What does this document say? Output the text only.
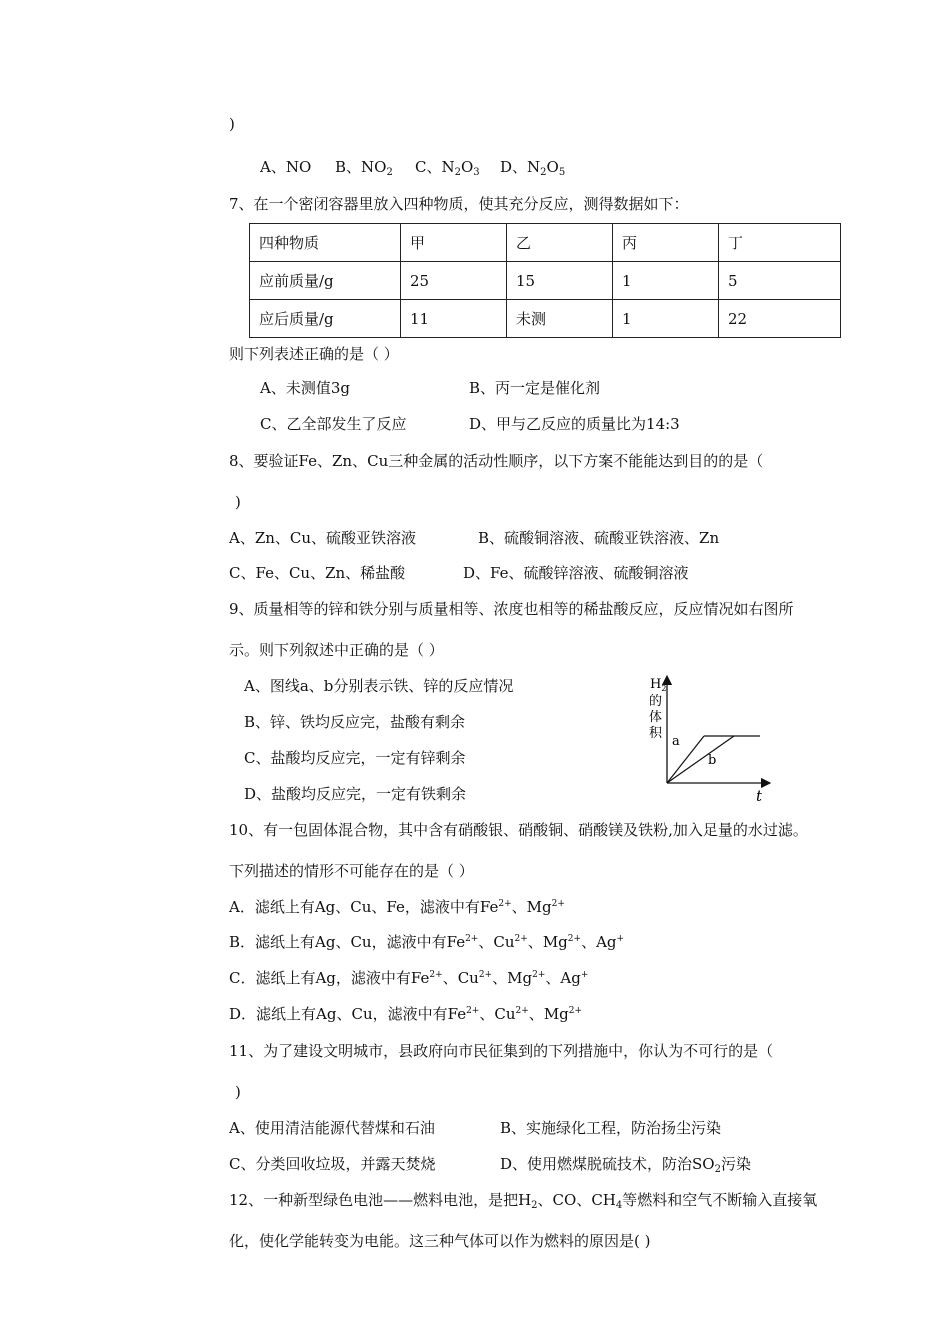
)
A、NO B、$NO_2$ C、$N_2O_3$ D、$N_2O_5$
7、在一个密闭容器里放入四种物质，使其充分反应，测得数据如下：
四种物质	甲	乙	丙	丁
应前质量/g	25	15	1	5
应后质量/g	11	未测	1	22
则下列表述正确的是（ ）
A、未测值3g	B、丙一定是催化剂
C、乙全部发生了反应	D、甲与乙反应的质量比为14:3
8、要验证Fe、Zn、Cu三种金属的活动性顺序，以下方案不能能达到目的的是（
)
A、Zn、Cu、硫酸亚铁溶液	B、硫酸铜溶液、硫酸亚铁溶液、Zn
C、Fe、Cu、Zn、稀盐酸	D、Fe、硫酸锌溶液、硫酸铜溶液
9、质量相等的锌和铁分别与质量相等、浓度也相等的稀盐酸反应，反应情况如右图所
示。则下列叙述中正确的是（ ）
A、图线a、b分别表示铁、锌的反应情况
B、锌、铁均反应完，盐酸有剩余
C、盐酸均反应完，一定有锌剩余
D、盐酸均反应完，一定有铁剩余
$H_2$
的
体
积
a
b
t
10、有一包固体混合物，其中含有硝酸银、硝酸铜、硝酸镁及铁粉,加入足量的水过滤。
下列描述的情形不可能存在的是（ ）
A．滤纸上有Ag、Cu、Fe，滤液中有$Fe^{2+}$、$Mg^{2+}$
B．滤纸上有Ag、Cu，滤液中有$Fe^{2+}$、$Cu^{2+}$、$Mg^{2+}$、Ag+
C．滤纸上有Ag，滤液中有$Fe^{2+}$、$Cu^{2+}$、$Mg^{2+}$、Ag+
D．滤纸上有Ag、Cu，滤液中有$Fe^{2+}$、$Cu^{2+}$、$Mg^{2+}$
11、为了建设文明城市，县政府向市民征集到的下列措施中，你认为不可行的是（
)
A、使用清洁能源代替煤和石油	B、实施绿化工程，防治扬尘污染
C、分类回收垃圾，并露天焚烧	D、使用燃煤脱硫技术，防治$SO_2$污染
12、一种新型绿色电池——燃料电池，是把$H_2$、CO、$CH_4$等燃料和空气不断输入直接氧
化，使化学能转变为电能。这三种气体可以作为燃料的原因是( )
